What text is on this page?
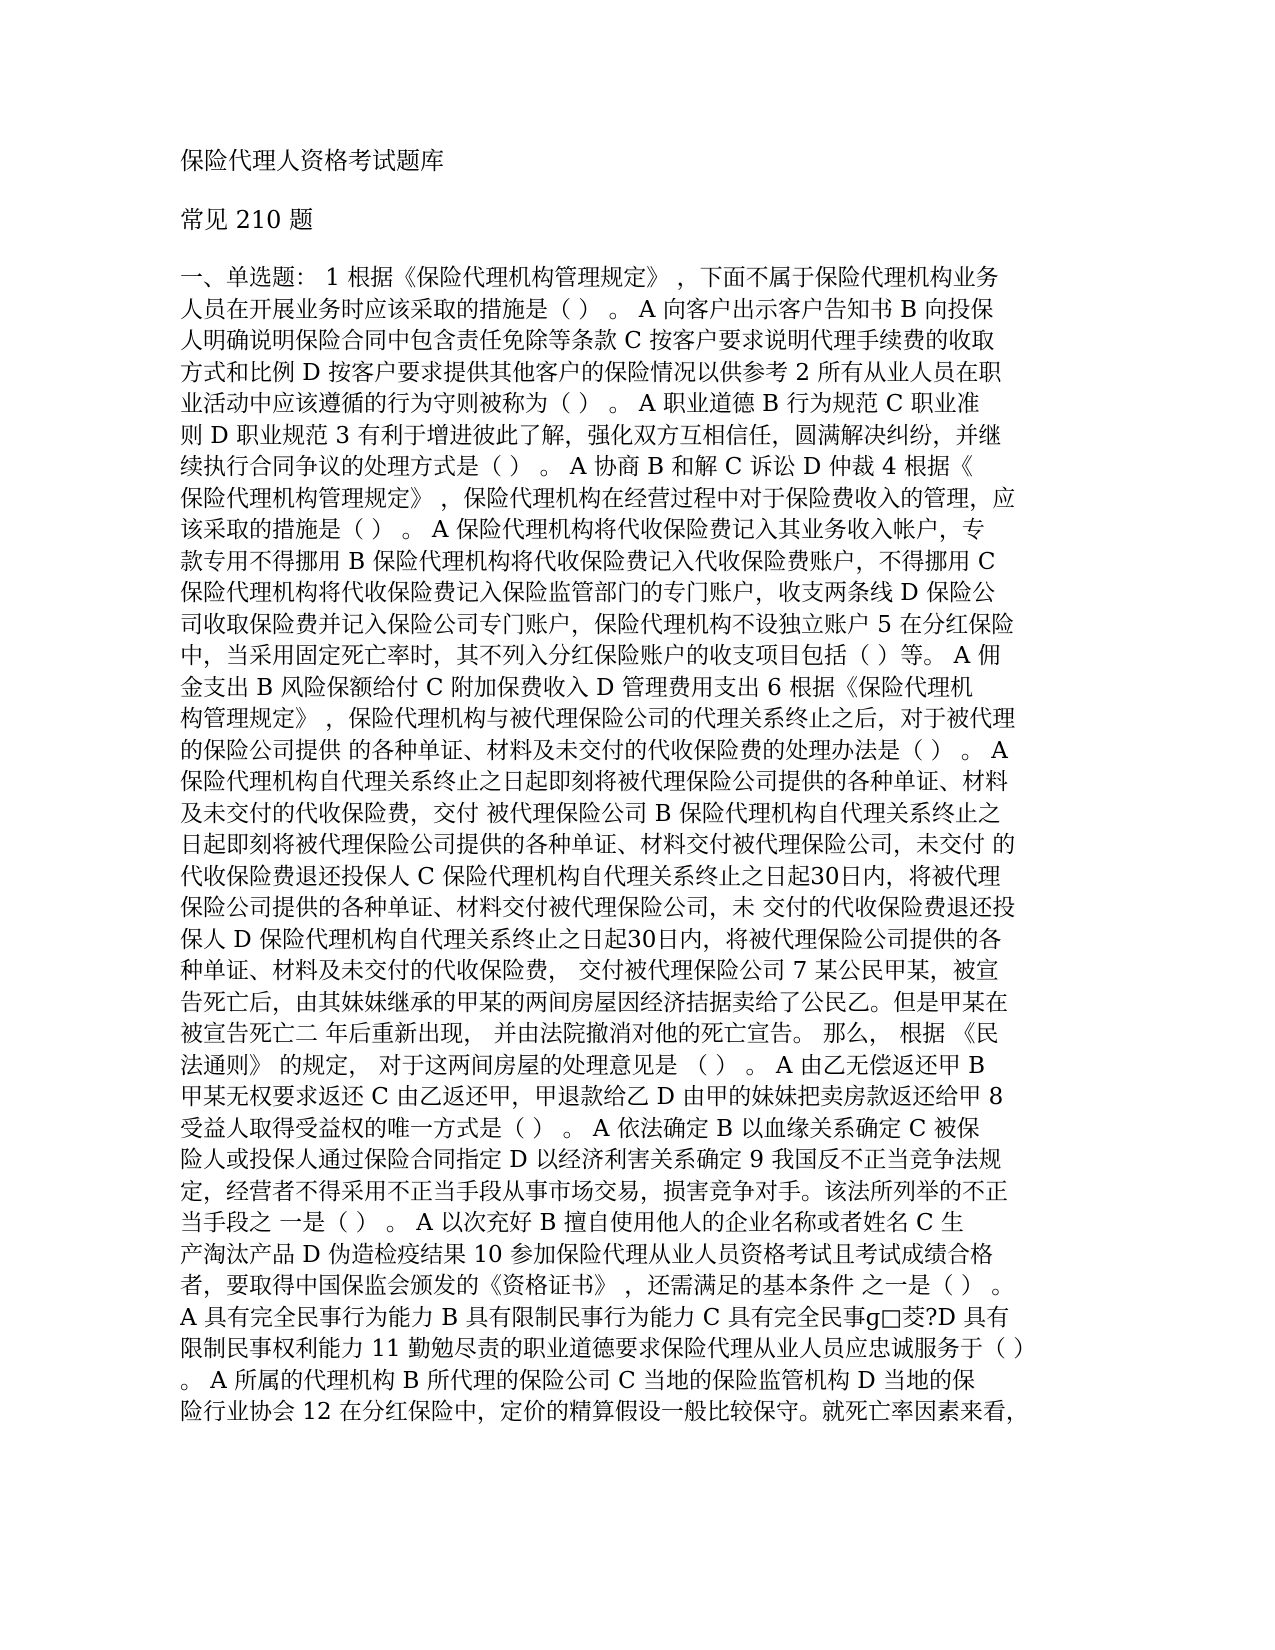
保险代理人资格考试题库
常见 210 题
一、单选题： 1 根据《保险代理机构管理规定》 ，下面不属于保险代理机构业务
人员在开展业务时应该采取的措施是（ ） 。 A 向客户出示客户告知书 B 向投保
人明确说明保险合同中包含责任免除等条款 C 按客户要求说明代理手续费的收取
方式和比例 D 按客户要求提供其他客户的保险情况以供参考 2 所有从业人员在职
业活动中应该遵循的行为守则被称为（ ） 。 A 职业道德 B 行为规范 C 职业准
则 D 职业规范 3 有利于增进彼此了解，强化双方互相信任，圆满解决纠纷，并继
续执行合同争议的处理方式是（ ） 。 A 协商 B 和解 C 诉讼 D 仲裁 4 根据《
保险代理机构管理规定》 ，保险代理机构在经营过程中对于保险费收入的管理，应
该采取的措施是（ ） 。 A 保险代理机构将代收保险费记入其业务收入帐户，专
款专用不得挪用 B 保险代理机构将代收保险费记入代收保险费账户，不得挪用 C
保险代理机构将代收保险费记入保险监管部门的专门账户，收支两条线 D 保险公
司收取保险费并记入保险公司专门账户，保险代理机构不设独立账户 5 在分红保险
中，当采用固定死亡率时，其不列入分红保险账户的收支项目包括（ ）等。 A 佣
金支出 B 风险保额给付 C 附加保费收入 D 管理费用支出 6 根据《保险代理机
构管理规定》 ，保险代理机构与被代理保险公司的代理关系终止之后，对于被代理
的保险公司提供 的各种单证、材料及未交付的代收保险费的处理办法是（ ） 。 A
保险代理机构自代理关系终止之日起即刻将被代理保险公司提供的各种单证、材料
及未交付的代收保险费，交付 被代理保险公司 B 保险代理机构自代理关系终止之
日起即刻将被代理保险公司提供的各种单证、材料交付被代理保险公司，未交付 的
代收保险费退还投保人 C 保险代理机构自代理关系终止之日起30日内，将被代理
保险公司提供的各种单证、材料交付被代理保险公司，未 交付的代收保险费退还投
保人 D 保险代理机构自代理关系终止之日起30日内，将被代理保险公司提供的各
种单证、材料及未交付的代收保险费， 交付被代理保险公司 7 某公民甲某，被宣
告死亡后，由其妹妹继承的甲某的两间房屋因经济拮据卖给了公民乙。但是甲某在
被宣告死亡二 年后重新出现， 并由法院撤消对他的死亡宣告。 那么， 根据 《民
法通则》 的规定， 对于这两间房屋的处理意见是 （ ） 。 A 由乙无偿返还甲 B
甲某无权要求返还 C 由乙返还甲，甲退款给乙 D 由甲的妹妹把卖房款返还给甲 8
受益人取得受益权的唯一方式是（ ） 。 A 依法确定 B 以血缘关系确定 C 被保
险人或投保人通过保险合同指定 D 以经济利害关系确定 9 我国反不正当竞争法规
定，经营者不得采用不正当手段从事市场交易，损害竞争对手。该法所列举的不正
当手段之 一是（ ） 。 A 以次充好 B 擅自使用他人的企业名称或者姓名 C 生
产淘汰产品 D 伪造检疫结果 10 参加保险代理从业人员资格考试且考试成绩合格
者，要取得中国保监会颁发的《资格证书》 ，还需满足的基本条件 之一是（ ） 。
A 具有完全民事行为能力 B 具有限制民事行为能力 C 具有完全民事ɡ□茭?D 具有
限制民事权利能力 11 勤勉尽责的职业道德要求保险代理从业人员应忠诚服务于（ ）
。 A 所属的代理机构 B 所代理的保险公司 C 当地的保险监管机构 D 当地的保
险行业协会 12 在分红保险中，定价的精算假设一般比较保守。就死亡率因素来看，
